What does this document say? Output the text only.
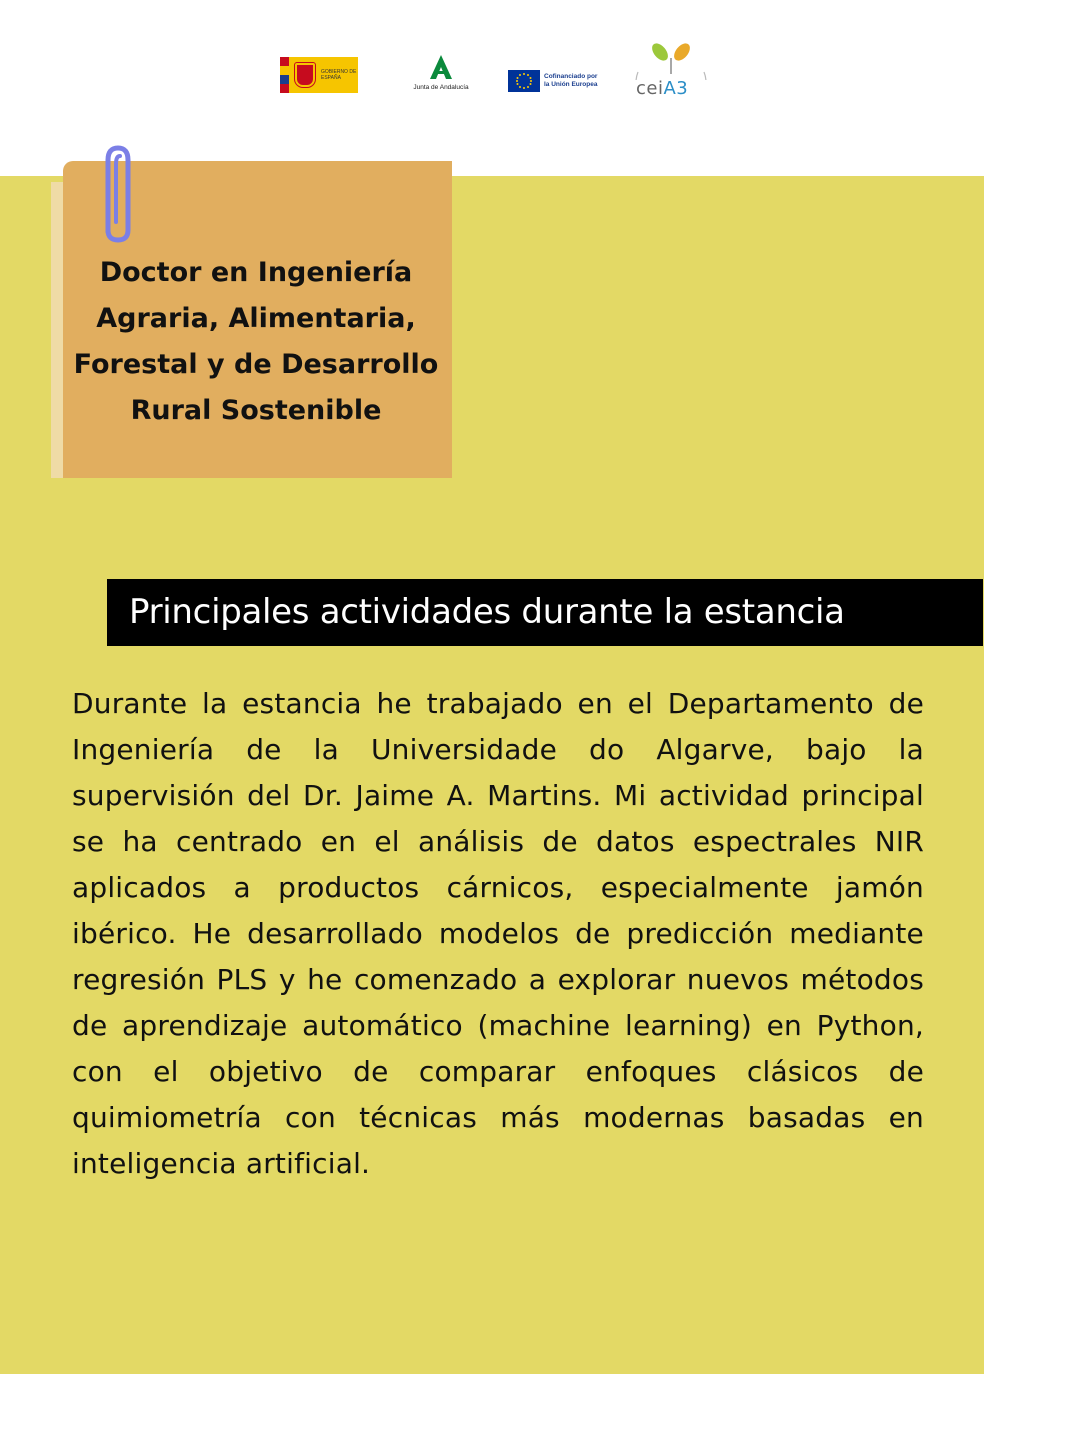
GOBIERNO DE ESPAÑA
Junta de Andalucía
Cofinanciado por
la Unión Europea ceiA3
Doctor en Ingeniería Agraria, Alimentaria, Forestal y de Desarrollo Rural Sostenible
Principales actividades durante la estancia

Durante la estancia he trabajado en el Departamento de Ingeniería de la Universidade do Algarve, bajo la supervisión del Dr. Jaime A. Martins. Mi actividad principal se ha centrado en el análisis de datos espectrales NIR aplicados a productos cárnicos, especialmente jamón ibérico. He desarrollado modelos de predicción mediante regresión PLS y he comenzado a explorar nuevos métodos de aprendizaje automático (machine learning) en Python, con el objetivo de comparar enfoques clásicos de quimiometría con técnicas más modernas basadas en inteligencia artificial.
